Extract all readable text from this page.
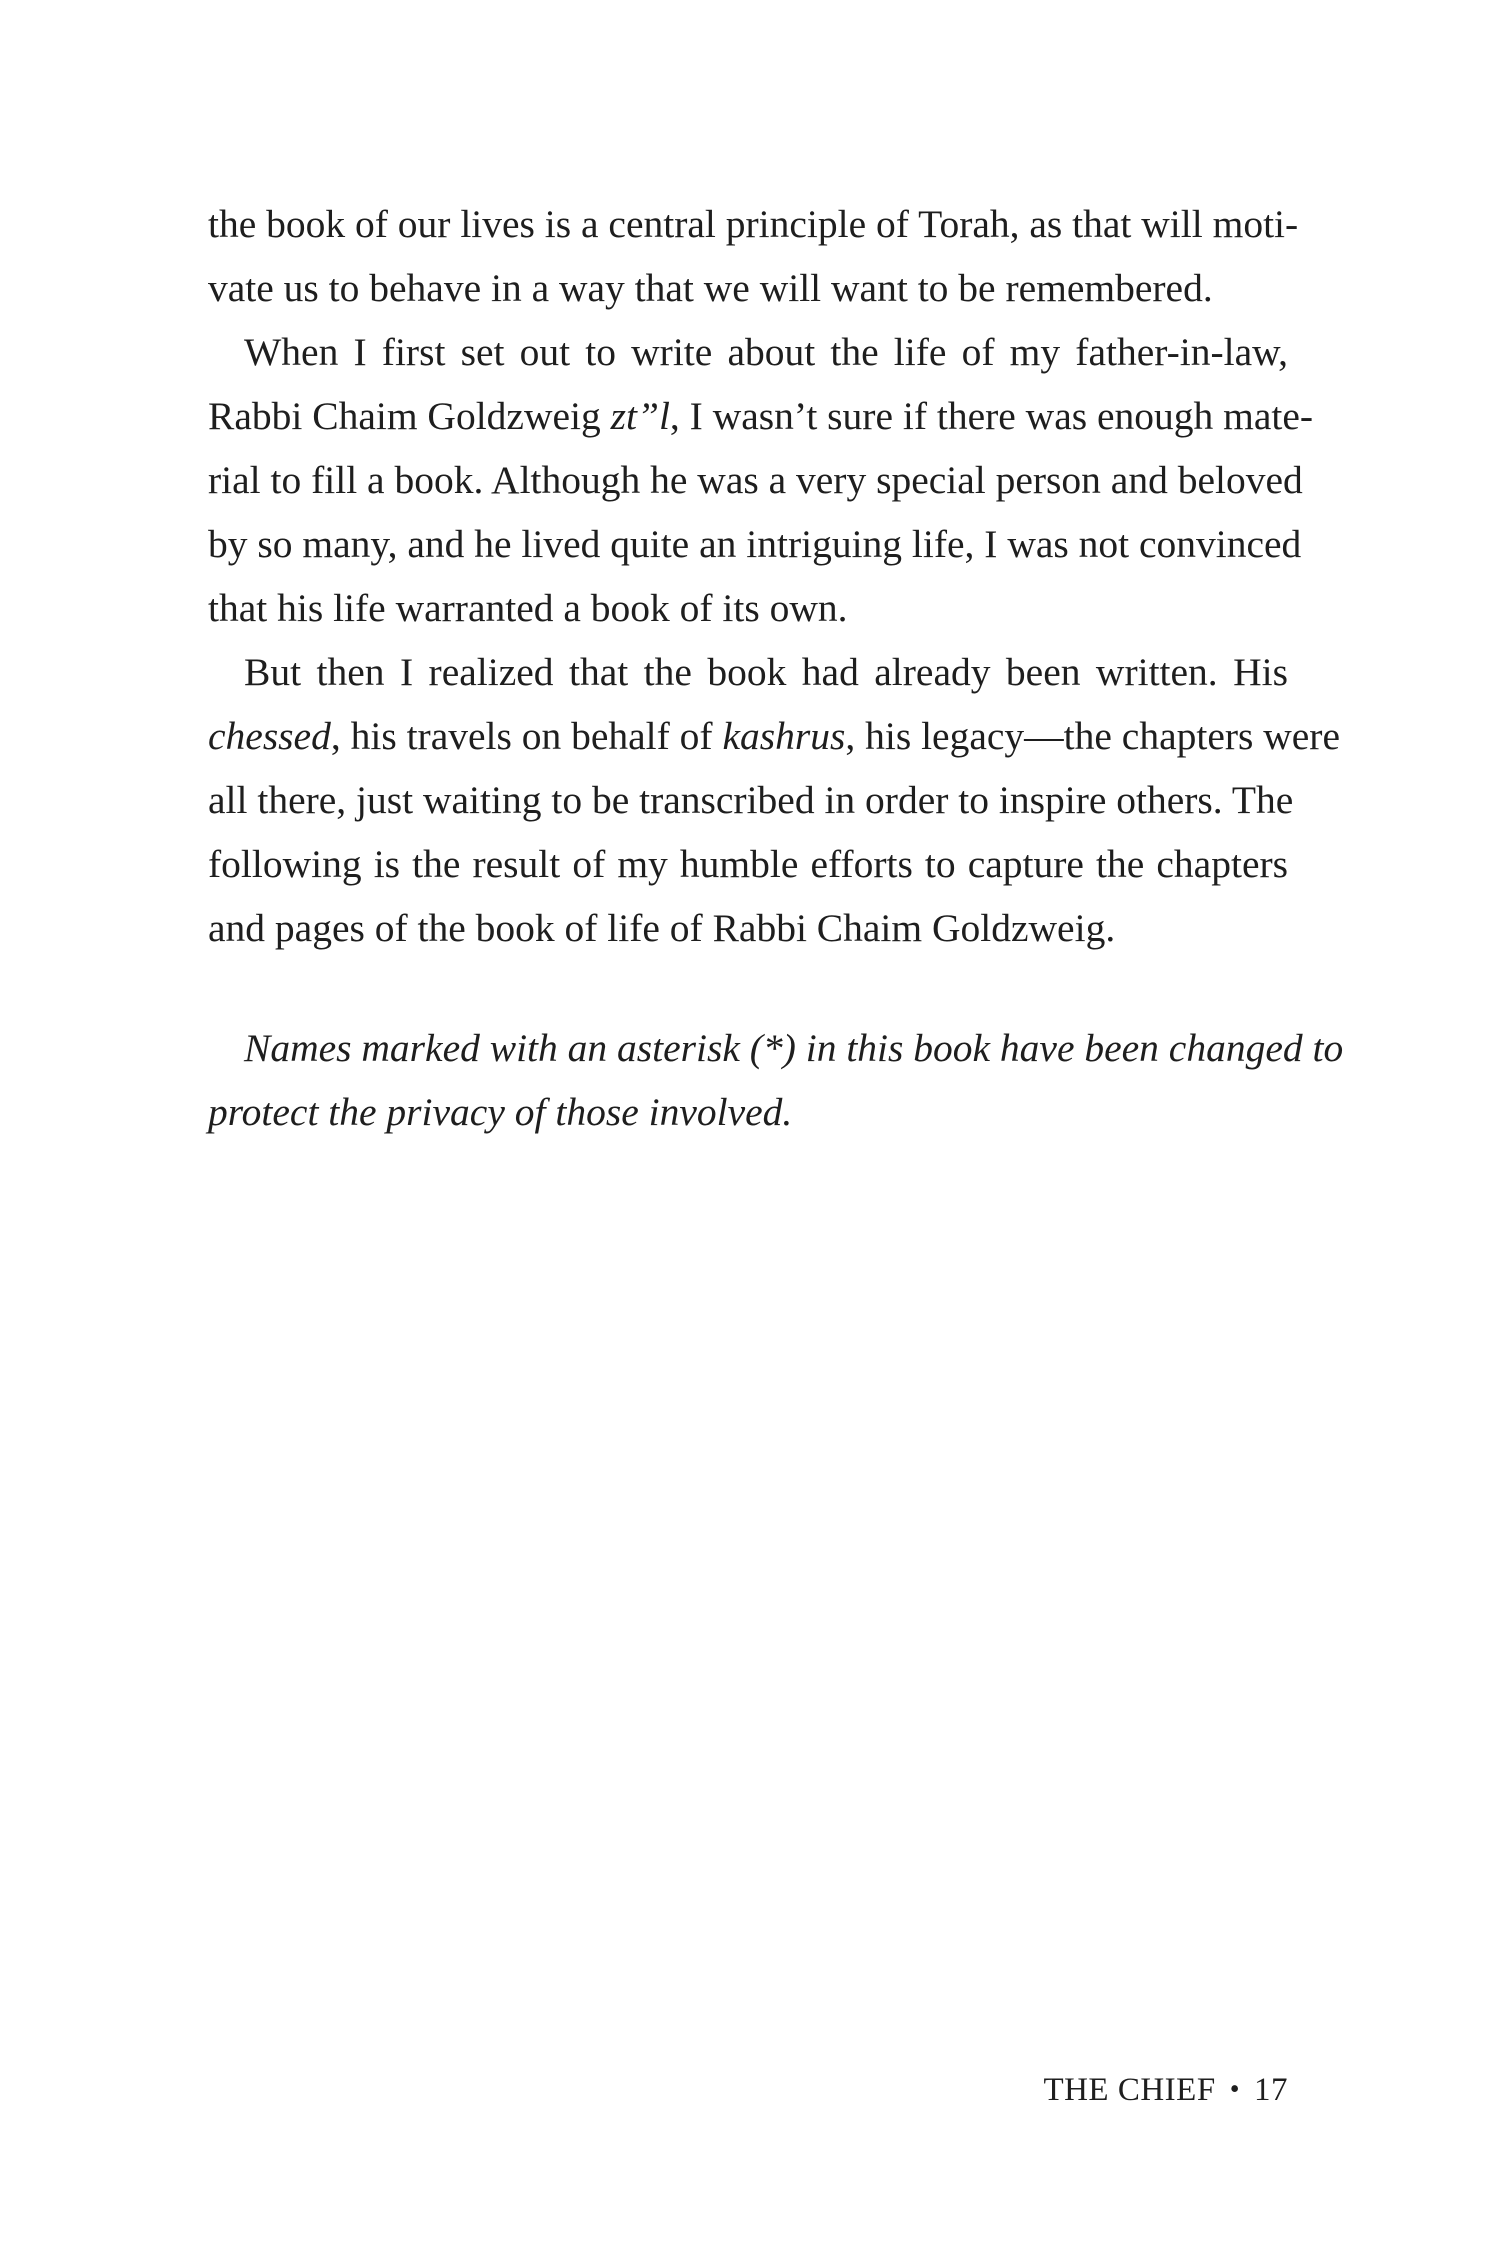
the book of our lives is a central principle of Torah, as that will moti-
vate us to behave in a way that we will want to be remembered.
When I first set out to write about the life of my father-in-law,
Rabbi Chaim Goldzweig zt”l, I wasn’t sure if there was enough mate-
rial to fill a book. Although he was a very special person and beloved
by so many, and he lived quite an intriguing life, I was not convinced
that his life warranted a book of its own.
But then I realized that the book had already been written. His
chessed, his travels on behalf of kashrus, his legacy—the chapters were
all there, just waiting to be transcribed in order to inspire others. The
following is the result of my humble efforts to capture the chapters
and pages of the book of life of Rabbi Chaim Goldzweig.
Names marked with an asterisk (*) in this book have been changed to
protect the privacy of those involved.
THE CHIEF • 17
